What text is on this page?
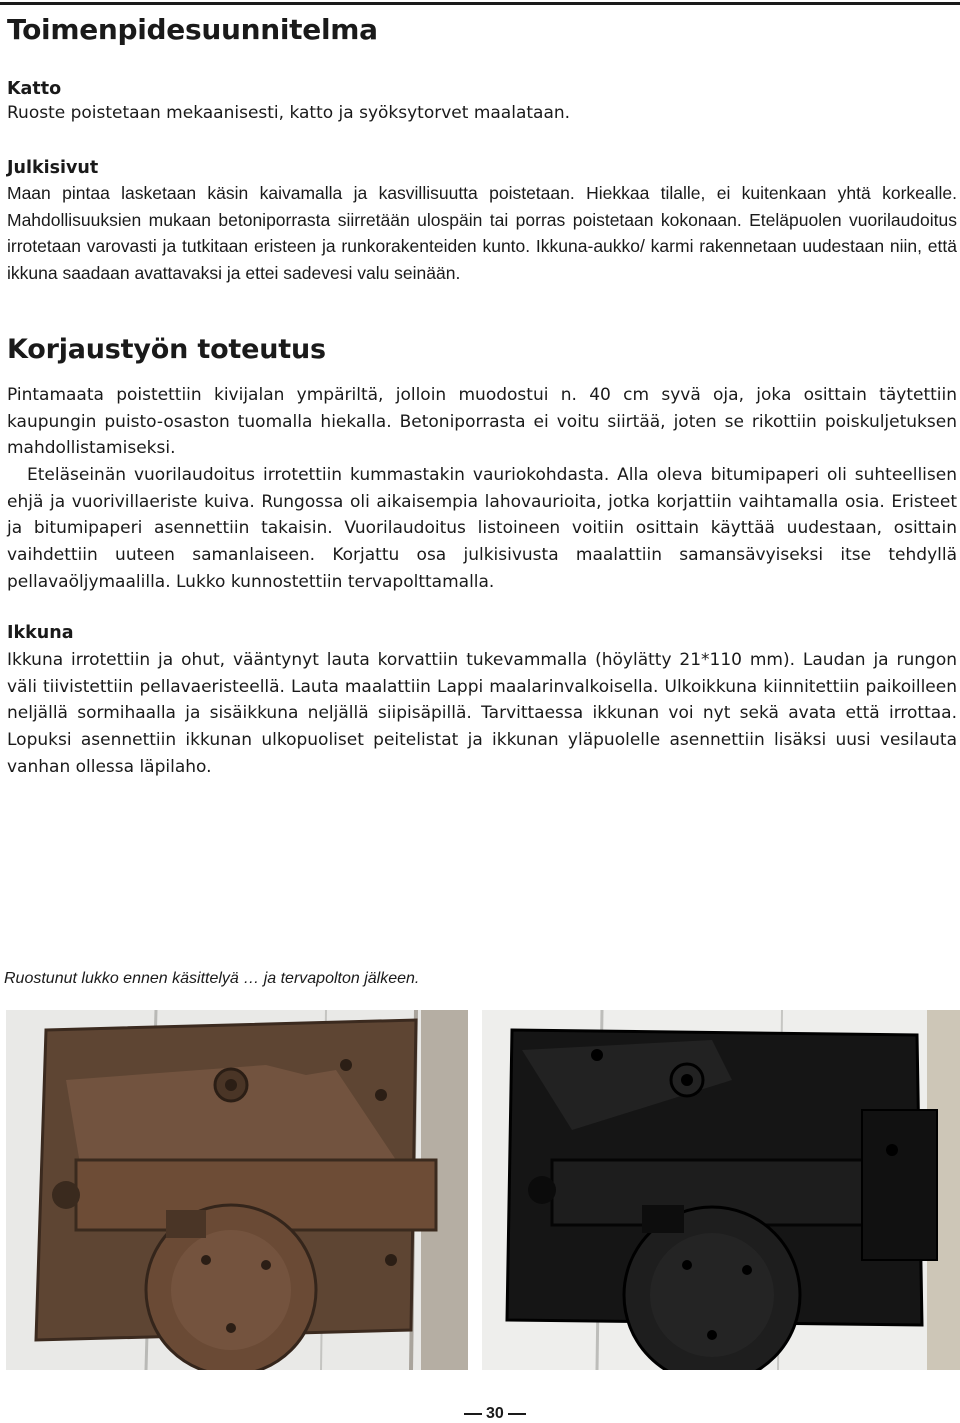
Toimenpidesuunnitelma
Katto

Ruoste poistetaan mekaanisesti, katto ja syöksytorvet maalataan.

Julkisivut

Maan pintaa lasketaan käsin kaivamalla ja kasvillisuutta poistetaan. Hiekkaa tilalle, ei kuitenkaan yhtä korkealle. Mahdollisuuksien mukaan betoniporrasta siirretään ulospäin tai porras poistetaan kokonaan. Eteläpuolen vuorilaudoitus irrotetaan varovasti ja tutkitaan eristeen ja runkorakenteiden kunto. Ikkuna-aukko/ karmi rakennetaan uudestaan niin, että ikkuna saadaan avattavaksi ja ettei sadevesi valu seinään.

Korjaustyön toteutus

Pintamaata poistettiin kivijalan ympäriltä, jolloin muodostui n. 40 cm syvä oja, joka osittain täytettiin kaupungin puisto-osaston tuomalla hiekalla. Betoniporrasta ei voitu siirtää, joten se rikottiin poiskuljetuksen mahdollistamiseksi.

Eteläseinän vuorilaudoitus irrotettiin kummastakin vauriokohdasta. Alla oleva bitumipaperi oli suhteellisen ehjä ja vuorivillaeriste kuiva. Rungossa oli aikaisempia lahovaurioita, jotka korjattiin vaihtamalla osia. Eristeet ja bitumipaperi asennettiin takaisin. Vuorilaudoitus listoineen voitiin osittain käyttää uudestaan, osittain vaihdettiin uuteen samanlaiseen. Korjattu osa julkisivusta maalattiin samansävyiseksi itse tehdyllä pellavaöljymaalilla. Lukko kunnostettiin tervapolttamalla.

Ikkuna

Ikkuna irrotettiin ja ohut, vääntynyt lauta korvattiin tukevammalla (höylätty 21*110 mm). Laudan ja rungon väli tiivistettiin pellavaeristeellä. Lauta maalattiin Lappi maalarinvalkoisella. Ulkoikkuna kiinnitettiin paikoilleen neljällä sormihaalla ja sisäikkuna neljällä siipisäpillä. Tarvittaessa ikkunan voi nyt sekä avata että irrottaa. Lopuksi asennettiin ikkunan ulkopuoliset peitelistat ja ikkunan yläpuolelle asennettiin lisäksi uusi vesilauta vanhan ollessa läpilaho.

Ruostunut lukko ennen käsittelyä … ja tervapolton jälkeen.

30
